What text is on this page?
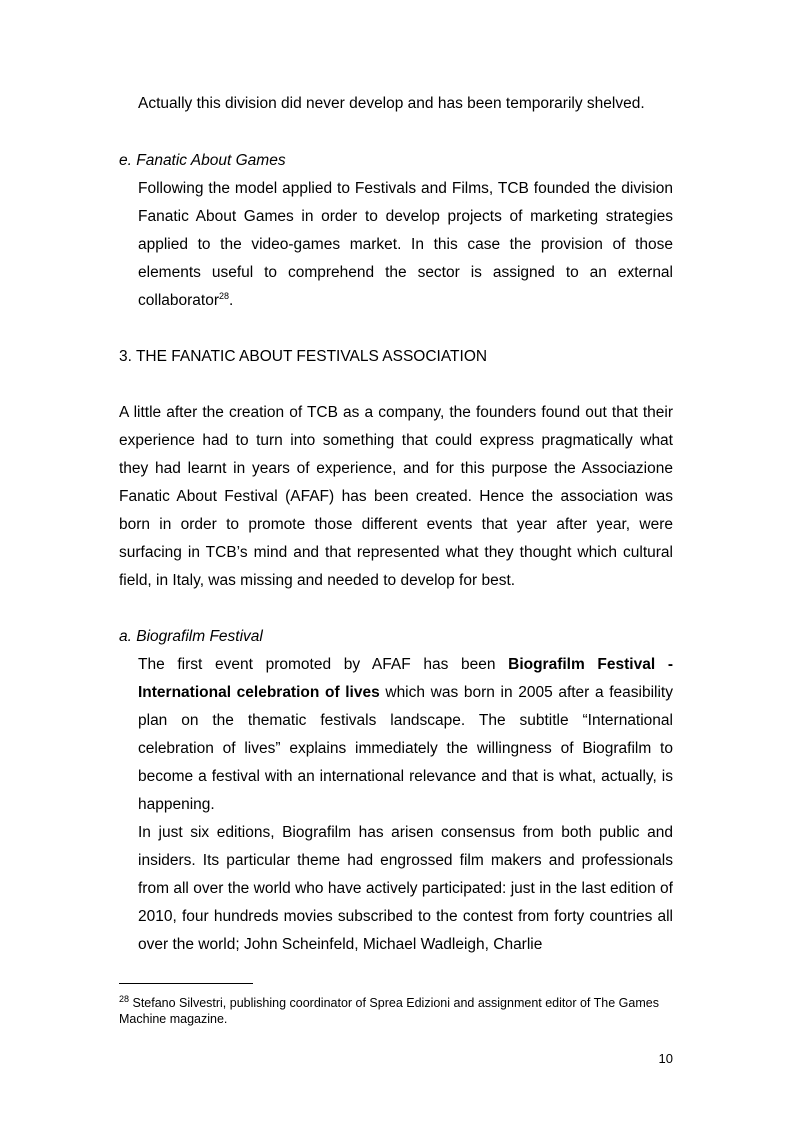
Actually this division did never develop and has been temporarily shelved.
e. Fanatic About Games
Following the model applied to Festivals and Films, TCB founded the division Fanatic About Games in order to develop projects of marketing strategies applied to the video-games market. In this case the provision of those elements useful to comprehend the sector is assigned to an external collaborator$^{28}$.
3. THE FANATIC ABOUT FESTIVALS ASSOCIATION
A little after the creation of TCB as a company, the founders found out that their experience had to turn into something that could express pragmatically what they had learnt in years of experience, and for this purpose the Associazione Fanatic About Festival (AFAF) has been created. Hence the association was born in order to promote those different events that year after year, were surfacing in TCB’s mind and that represented what they thought which cultural field, in Italy, was missing and needed to develop for best.
a. Biografilm Festival
The first event promoted by AFAF has been Biografilm Festival - International celebration of lives which was born in 2005 after a feasibility plan on the thematic festivals landscape. The subtitle “International celebration of lives” explains immediately the willingness of Biografilm to become a festival with an international relevance and that is what, actually, is happening.
In just six editions, Biografilm has arisen consensus from both public and insiders. Its particular theme had engrossed film makers and professionals from all over the world who have actively participated: just in the last edition of 2010, four hundreds movies subscribed to the contest from forty countries all over the world; John Scheinfeld, Michael Wadleigh, Charlie
$^{28}$ Stefano Silvestri, publishing coordinator of Sprea Edizioni and assignment editor of The Games Machine magazine.
10
